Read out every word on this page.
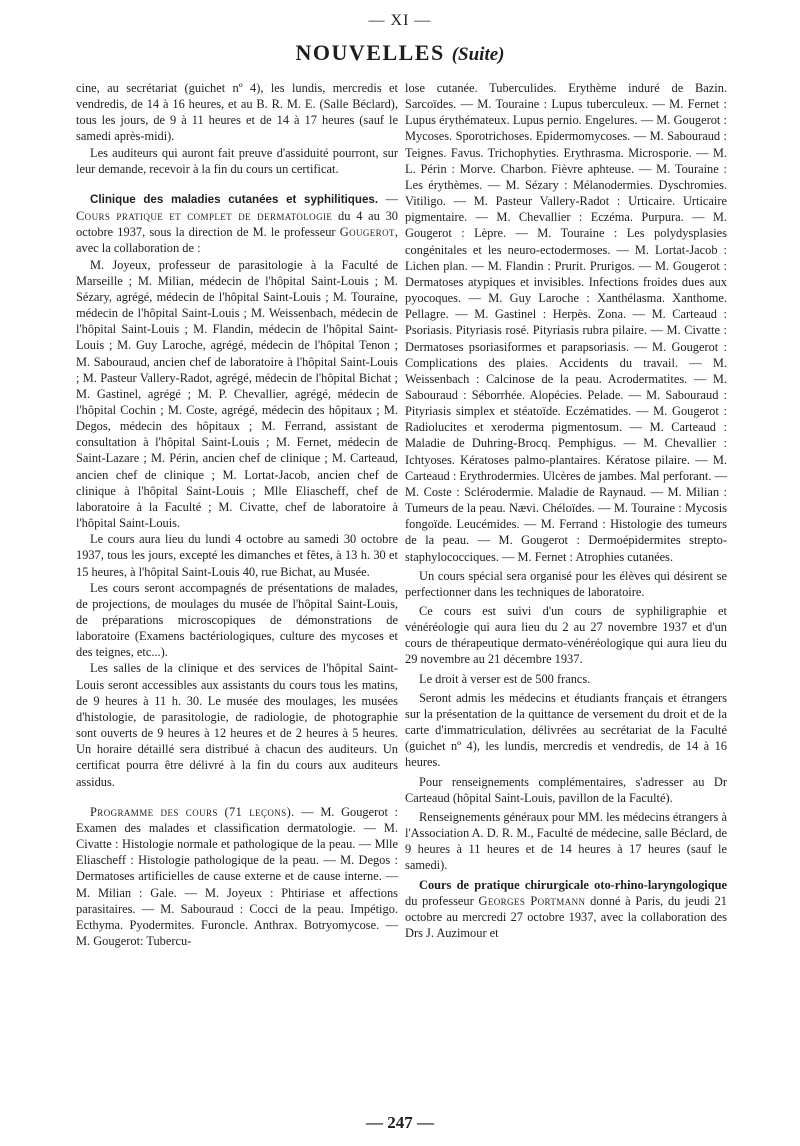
— XI —
NOUVELLES (Suite)

cine, au secrétariat (guichet nº 4), les lundis, mercredis et vendredis, de 14 à 16 heures, et au B. R. M. E. (Salle Béclard), tous les jours, de 9 à 11 heures et de 14 à 17 heures (sauf le samedi après-midi).

Les auditeurs qui auront fait preuve d'assiduité pourront, sur leur demande, recevoir à la fin du cours un certificat.

Clinique des maladies cutanées et syphilitiques. — Cours pratique et complet de dermatologie du 4 au 30 octobre 1937, sous la direction de M. le professeur Gougerot, avec la collaboration de :

M. Joyeux, professeur de parasitologie à la Faculté de Marseille ; M. Milian, médecin de l'hôpital Saint-Louis ; M. Sézary, agrégé, médecin de l'hôpital Saint-Louis ; M. Touraine, médecin de l'hôpital Saint-Louis ; M. Weissenbach, médecin de l'hôpital Saint-Louis ; M. Flandin, médecin de l'hôpital Saint-Louis ; M. Guy Laroche, agrégé, médecin de l'hôpital Tenon ; M. Sabouraud, ancien chef de laboratoire à l'hôpital Saint-Louis ; M. Pasteur Vallery-Radot, agrégé, médecin de l'hôpital Bichat ; M. Gastinel, agrégé ; M. P. Chevallier, agrégé, médecin de l'hôpital Cochin ; M. Coste, agrégé, médecin des hôpitaux ; M. Degos, médecin des hôpitaux ; M. Ferrand, assistant de consultation à l'hôpital Saint-Louis ; M. Fernet, médecin de Saint-Lazare ; M. Périn, ancien chef de clinique ; M. Carteaud, ancien chef de clinique ; M. Lortat-Jacob, ancien chef de clinique à l'hôpital Saint-Louis ; Mlle Eliascheff, chef de laboratoire à la Faculté ; M. Civatte, chef de laboratoire à l'hôpital Saint-Louis.

Le cours aura lieu du lundi 4 octobre au samedi 30 octobre 1937, tous les jours, excepté les dimanches et fêtes, à 13 h. 30 et 15 heures, à l'hôpital Saint-Louis 40, rue Bichat, au Musée.

Les cours seront accompagnés de présentations de malades, de projections, de moulages du musée de l'hôpital Saint-Louis, de préparations microscopiques de démonstrations de laboratoire (Examens bactériologiques, culture des mycoses et des teignes, etc...).

Les salles de la clinique et des services de l'hôpital Saint-Louis seront accessibles aux assistants du cours tous les matins, de 9 heures à 11 h. 30. Le musée des moulages, les musées d'histologie, de parasitologie, de radiologie, de photographie sont ouverts de 9 heures à 12 heures et de 2 heures à 5 heures. Un horaire détaillé sera distribué à chacun des auditeurs. Un certificat pourra être délivré à la fin du cours aux auditeurs assidus.

Programme des cours (71 leçons). — M. Gougerot : Examen des malades et classification dermatologie. — M. Civatte : Histologie normale et pathologique de la peau. — Mlle Eliascheff : Histologie pathologique de la peau. — M. Degos : Dermatoses artificielles de cause externe et de cause interne. — M. Milian : Gale. — M. Joyeux : Phtiriase et affections parasitaires. — M. Sabouraud : Cocci de la peau. Impétigo. Ecthyma. Pyodermites. Furoncle. Anthrax. Botryomycose. — M. Gougerot: Tubercu-

lose cutanée. Tuberculides. Erythème induré de Bazin. Sarcoïdes. — M. Touraine : Lupus tuberculeux. — M. Fernet : Lupus érythémateux. Lupus pernio. Engelures. — M. Gougerot : Mycoses. Sporotrichoses. Epidermomycoses. — M. Sabouraud : Teignes. Favus. Trichophyties. Erythrasma. Microsporie. — M. L. Périn : Morve. Charbon. Fièvre aphteuse. — M. Touraine : Les érythèmes. — M. Sézary : Mélanodermies. Dyschromies. Vitiligo. — M. Pasteur Vallery-Radot : Urticaire. Urticaire pigmentaire. — M. Chevallier : Eczéma. Purpura. — M. Gougerot : Lèpre. — M. Touraine : Les polydysplasies congénitales et les neuro-ectodermoses. — M. Lortat-Jacob : Lichen plan. — M. Flandin : Prurit. Prurigos. — M. Gougerot : Dermatoses atypiques et invisibles. Infections froides dues aux pyocoques. — M. Guy Laroche : Xanthélasma. Xanthome. Pellagre. — M. Gastinel : Herpès. Zona. — M. Carteaud : Psoriasis. Pityriasis rosé. Pityriasis rubra pilaire. — M. Civatte : Dermatoses psoriasiformes et parapsoriasis. — M. Gougerot : Complications des plaies. Accidents du travail. — M. Weissenbach : Calcinose de la peau. Acrodermatites. — M. Sabouraud : Séborrhée. Alopécies. Pelade. — M. Sabouraud : Pityriasis simplex et stéatoïde. Eczématides. — M. Gougerot : Radiolucites et xeroderma pigmentosum. — M. Carteaud : Maladie de Duhring-Brocq. Pemphigus. — M. Chevallier : Ichtyoses. Kératoses palmo-plantaires. Kératose pilaire. — M. Carteaud : Erythrodermies. Ulcères de jambes. Mal perforant. — M. Coste : Sclérodermie. Maladie de Raynaud. — M. Milian : Tumeurs de la peau. Nævi. Chéloïdes. — M. Touraine : Mycosis fongoïde. Leucémides. — M. Ferrand : Histologie des tumeurs de la peau. — M. Gougerot : Dermoépidermites strepto-staphylococciques. — M. Fernet : Atrophies cutanées.

Un cours spécial sera organisé pour les élèves qui désirent se perfectionner dans les techniques de laboratoire.

Ce cours est suivi d'un cours de syphiligraphie et vénéréologie qui aura lieu du 2 au 27 novembre 1937 et d'un cours de thérapeutique dermato-vénéréologique qui aura lieu du 29 novembre au 21 décembre 1937.

Le droit à verser est de 500 francs.

Seront admis les médecins et étudiants français et étrangers sur la présentation de la quittance de versement du droit et de la carte d'immatriculation, délivrées au secrétariat de la Faculté (guichet nº 4), les lundis, mercredis et vendredis, de 14 à 16 heures.

Pour renseignements complémentaires, s'adresser au Dr Carteaud (hôpital Saint-Louis, pavillon de la Faculté).

Renseignements généraux pour MM. les médecins étrangers à l'Association A. D. R. M., Faculté de médecine, salle Béclard, de 9 heures à 11 heures et de 14 heures à 17 heures (sauf le samedi).

Cours de pratique chirurgicale oto-rhino-laryngologique du professeur Georges Portmann donné à Paris, du jeudi 21 octobre au mercredi 27 octobre 1937, avec la collaboration des Drs J. Auzimour et

— 247 —
